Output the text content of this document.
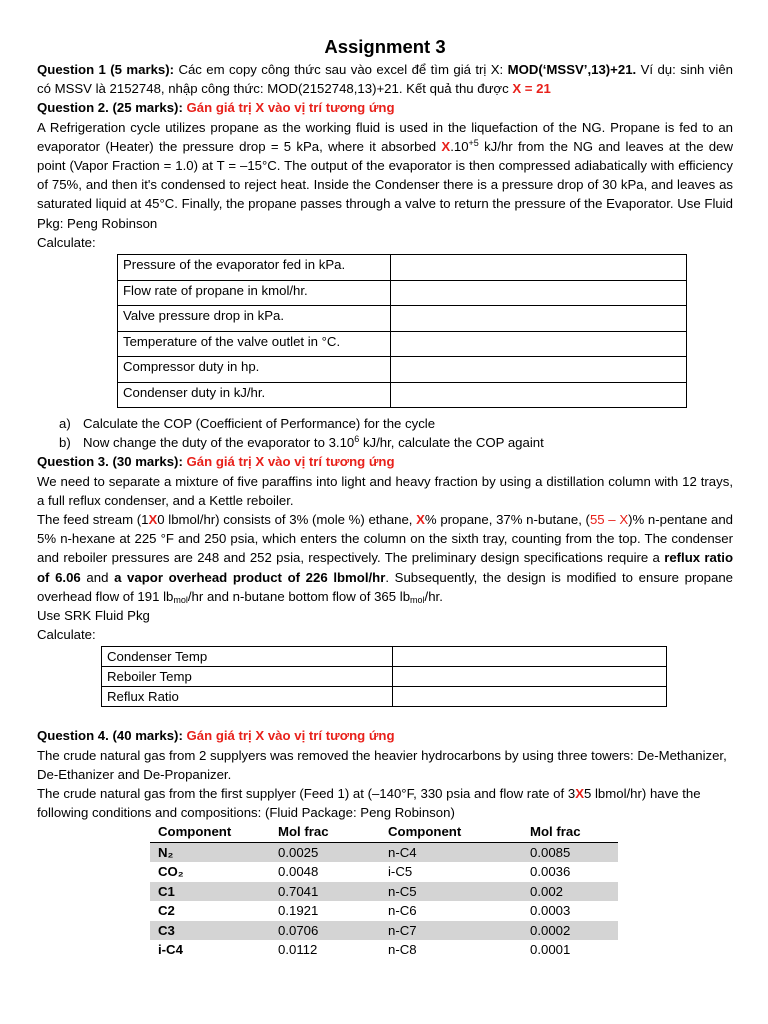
Assignment 3

Question 1 (5 marks): Các em copy công thức sau vào excel để tìm giá trị X: MOD(‘MSSV’,13)+21. Ví dụ: sinh viên có MSSV là 2152748, nhập công thức: MOD(2152748,13)+21. Kết quả thu được X = 21

Question 2. (25 marks): Gán giá trị X vào vị trí tương ứng

A Refrigeration cycle utilizes propane as the working fluid is used in the liquefaction of the NG. Propane is fed to an evaporator (Heater) the pressure drop = 5 kPa, where it absorbed $X.10^{+5}$ kJ/hr from the NG and leaves at the dew point (Vapor Fraction = 1.0) at T = –15°C. The output of the evaporator is then compressed adiabatically with efficiency of 75%, and then it's condensed to reject heat. Inside the Condenser there is a pressure drop of 30 kPa, and leaves as saturated liquid at 45°C. Finally, the propane passes through a valve to return the pressure of the Evaporator. Use Fluid Pkg: Peng Robinson

Calculate:

Pressure of the evaporator fed in kPa.	
Flow rate of propane in kmol/hr.	
Valve pressure drop in kPa.	
Temperature of the valve outlet in °C.	
Compressor duty in hp.	
Condenser duty in kJ/hr.	
a) Calculate the COP (Coefficient of Performance) for the cycle
b) Now change the duty of the evaporator to 3.10$^6$ kJ/hr, calculate the COP againt

Question 3. (30 marks): Gán giá trị X vào vị trí tương ứng

We need to separate a mixture of five paraffins into light and heavy fraction by using a distillation column with 12 trays, a full reflux condenser, and a Kettle reboiler.

The feed stream (1X0 lbmol/hr) consists of 3% (mole %) ethane, X% propane, 37% n-butane, (55 – X)% n-pentane and 5% n-hexane at 225 °F and 250 psia, which enters the column on the sixth tray, counting from the top. The condenser and reboiler pressures are 248 and 252 psia, respectively. The preliminary design specifications require a reflux ratio of 6.06 and a vapor overhead product of 226 lbmol/hr. Subsequently, the design is modified to ensure propane overhead flow of 191 $lb_{mol}/hr$ and n-butane bottom flow of 365 $lb_{mol}/hr$.

Use SRK Fluid Pkg

Calculate:

Condenser Temp	
Reboiler Temp	
Reflux Ratio	

Question 4. (40 marks): Gán giá trị X vào vị trí tương ứng

The crude natural gas from 2 supplyers was removed the heavier hydrocarbons by using three towers: De-Methanizer, De-Ethanizer and De-Propanizer.

The crude natural gas from the first supplyer (Feed 1) at (–140°F, 330 psia and flow rate of 3X5 lbmol/hr) have the following conditions and compositions: (Fluid Package: Peng Robinson)

Component	Mol frac	Component	Mol frac
N₂	0.0025	n-C4	0.0085
CO₂	0.0048	i-C5	0.0036
C1	0.7041	n-C5	0.002
C2	0.1921	n-C6	0.0003
C3	0.0706	n-C7	0.0002
i-C4	0.0112	n-C8	0.0001
